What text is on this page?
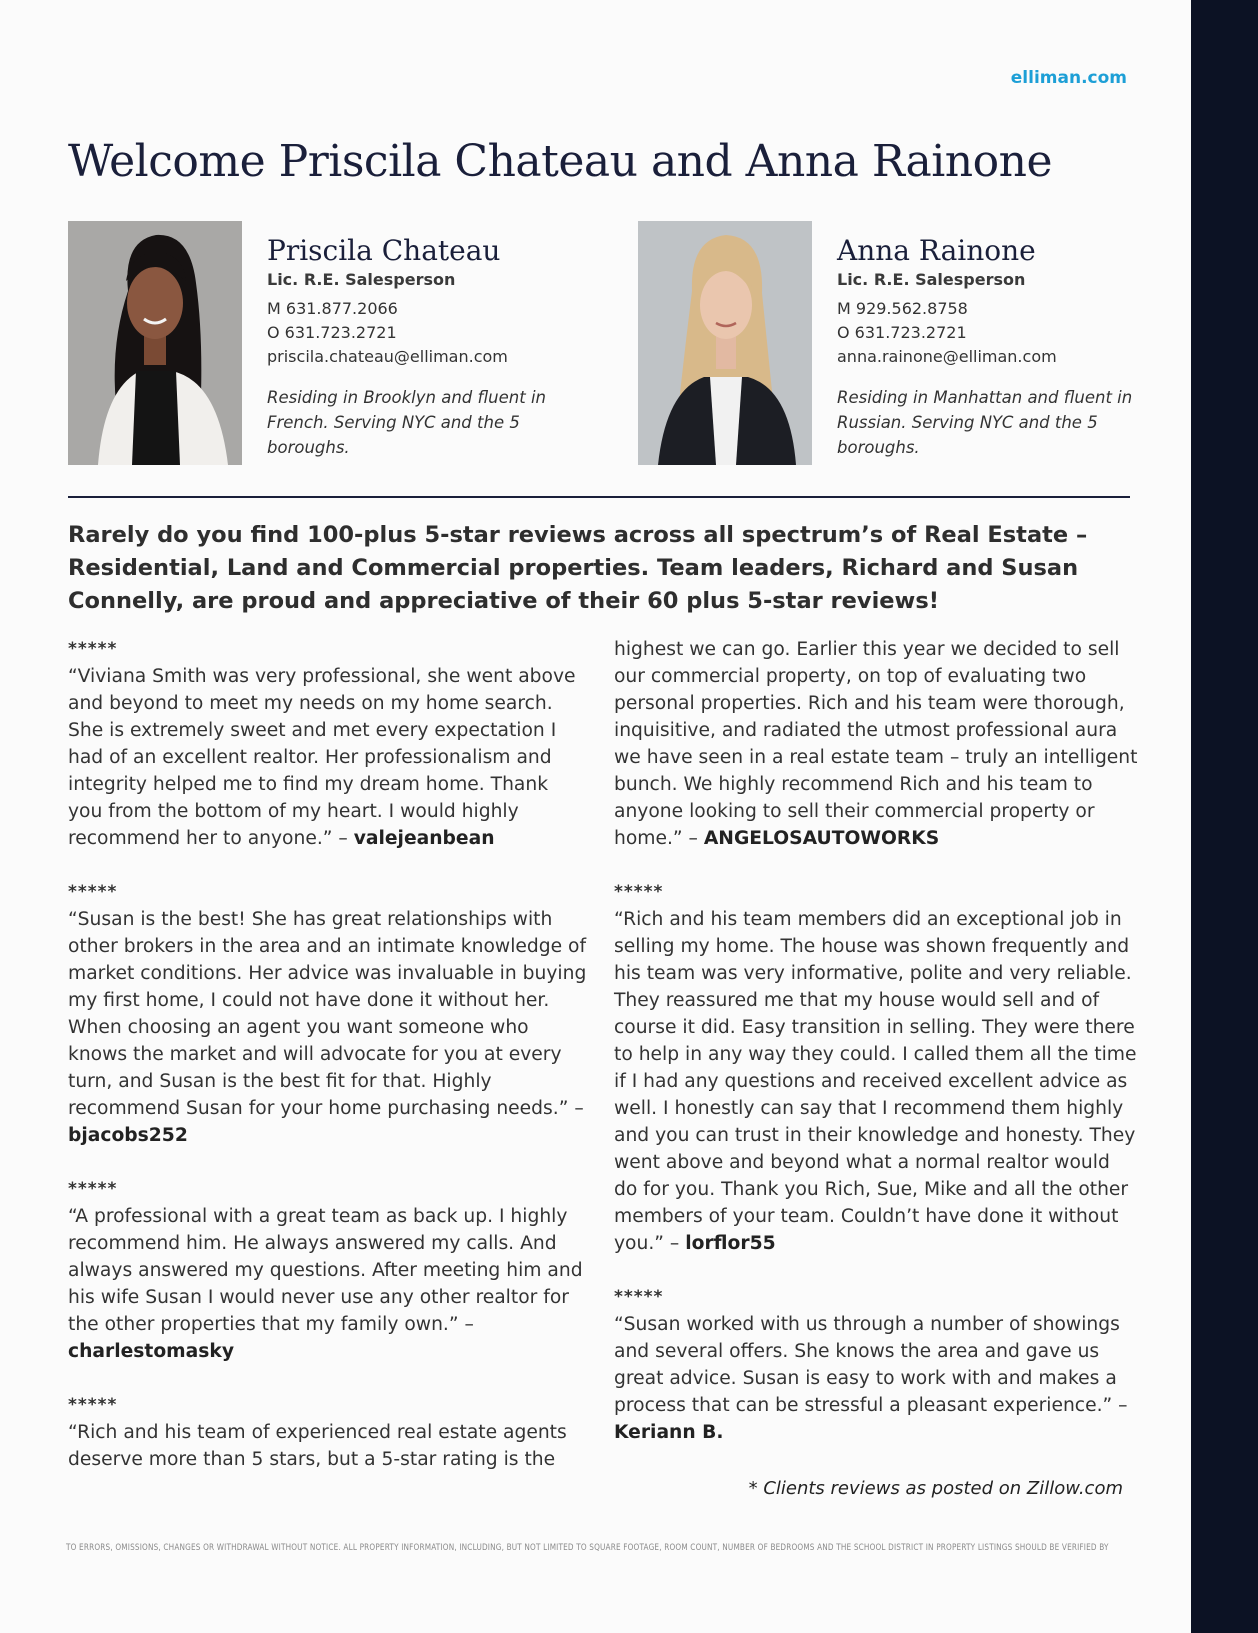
elliman.com
Welcome Priscila Chateau and Anna Rainone
Priscila Chateau
Lic. R.E. Salesperson
M 631.877.2066
O 631.723.2721
priscila.chateau@elliman.com
Residing in Brooklyn and fluent in French. Serving NYC and the 5 boroughs.
Anna Rainone
Lic. R.E. Salesperson
M 929.562.8758
O 631.723.2721
anna.rainone@elliman.com
Residing in Manhattan and fluent in Russian. Serving NYC and the 5 boroughs.

Rarely do you find 100-plus 5-star reviews across all spectrum’s of Real Estate – Residential, Land and Commercial properties. Team leaders, Richard and Susan Connelly, are proud and appreciative of their 60 plus 5-star reviews!

*****

“Viviana Smith was very professional, she went above and beyond to meet my needs on my home search. She is extremely sweet and met every expectation I had of an excellent realtor. Her professionalism and integrity helped me to find my dream home. Thank you from the bottom of my heart. I would highly recommend her to anyone.” – valejeanbean

*****

“Susan is the best! She has great relationships with other brokers in the area and an intimate knowledge of market conditions. Her advice was invaluable in buying my first home, I could not have done it without her. When choosing an agent you want someone who knows the market and will advocate for you at every turn, and Susan is the best fit for that. Highly recommend Susan for your home purchasing needs.” – bjacobs252

*****

“A professional with a great team as back up. I highly recommend him. He always answered my calls. And always answered my questions. After meeting him and his wife Susan I would never use any other realtor for the other properties that my family own.” – charlestomasky

*****

“Rich and his team of experienced real estate agents deserve more than 5 stars, but a 5-star rating is the

highest we can go. Earlier this year we decided to sell our commercial property, on top of evaluating two personal properties. Rich and his team were thorough, inquisitive, and radiated the utmost professional aura we have seen in a real estate team – truly an intelligent bunch. We highly recommend Rich and his team to anyone looking to sell their commercial property or home.” – ANGELOSAUTOWORKS

*****

“Rich and his team members did an exceptional job in selling my home. The house was shown frequently and his team was very informative, polite and very reliable. They reassured me that my house would sell and of course it did. Easy transition in selling. They were there to help in any way they could. I called them all the time if I had any questions and received excellent advice as well. I honestly can say that I recommend them highly and you can trust in their knowledge and honesty. They went above and beyond what a normal realtor would do for you. Thank you Rich, Sue, Mike and all the other members of your team. Couldn’t have done it without you.” – lorflor55

*****

“Susan worked with us through a number of showings and several offers. She knows the area and gave us great advice. Susan is easy to work with and makes a process that can be stressful a pleasant experience.” – Keriann B.

* Clients reviews as posted on Zillow.com
TO ERRORS, OMISSIONS, CHANGES OR WITHDRAWAL WITHOUT NOTICE. ALL PROPERTY INFORMATION, INCLUDING, BUT NOT LIMITED TO SQUARE FOOTAGE, ROOM COUNT, NUMBER OF BEDROOMS AND THE SCHOOL DISTRICT IN PROPERTY LISTINGS SHOULD BE VERIFIED BY
